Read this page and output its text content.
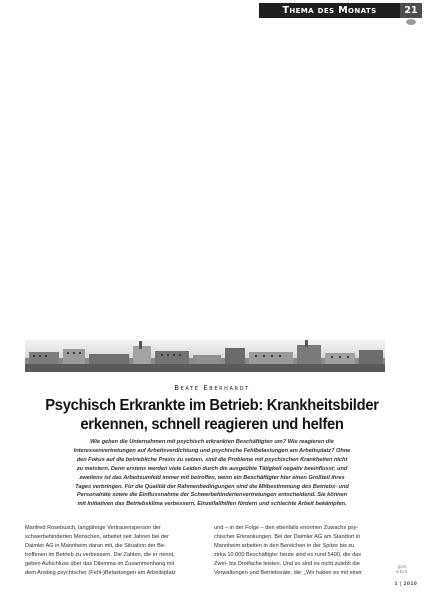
Thema des Monats	21
Beate Eberhardt
Psychisch Erkrankte im Betrieb: Krankheitsbilder
erkennen, schnell reagieren und helfen
Wie gehen die Unternehmen mit psychisch erkrankten Beschäftigten um? Wie reagieren die
Interessenvertretungen auf Arbeitsverdichtung und psychische Fehlbelastungen am Arbeitsplatz? Ohne
den Fokus auf die betriebliche Praxis zu setzen, sind die Probleme mit psychischen Krankheiten nicht
zu meistern. Denn erstens werden viele Leiden durch die ausgeübte Tätigkeit negativ beeinflusst; und
zweitens ist das Arbeitsumfeld immer mit betroffen, wenn ein Beschäftigter hier einen Großteil ihres
Tages verbringen. Für die Qualität der Rahmenbedingungen sind die Mitbestimmung des Betriebs- und
Personalräte sowie die Einflussnahme der Schwerbehindertenvertretungen entscheidend. Sie können
mit Initiativen das Betriebsklima verbessern, Einzelfallhilfen fördern und schlechte Arbeit bekämpfen.

Manfred Rosebusch, langjährige Vertrauensperson der

schwerbehinderten Menschen, arbeitet seit Jahren bei der

Daimler AG in Mannheim daran mit, die Situation der Be-

troffenen im Betrieb zu verbessern. Die Zahlen, die er nennt,

geben Aufschluss über das Dilemma im Zusammenhang mit

dem Anstieg psychischer (Fehl-)Belastungen am Arbeitsplatz

und – in der Folge – den ebenfalls enormen Zuwachs psy-

chischer Erkrankungen. Bei der Daimler AG am Standort in

Mannheim arbeiten in den Bereichen in der Spitze bis zu

zirka 10 000 Beschäftigte: heute sind es rund 5400, die das

Zwei- bis Dreifache leisten. Und so sind es nicht zuletzt die

Verwaltungen und Betriebsräte, die: „Wir haben es mit einer

gute arbeit.
1 | 2010
